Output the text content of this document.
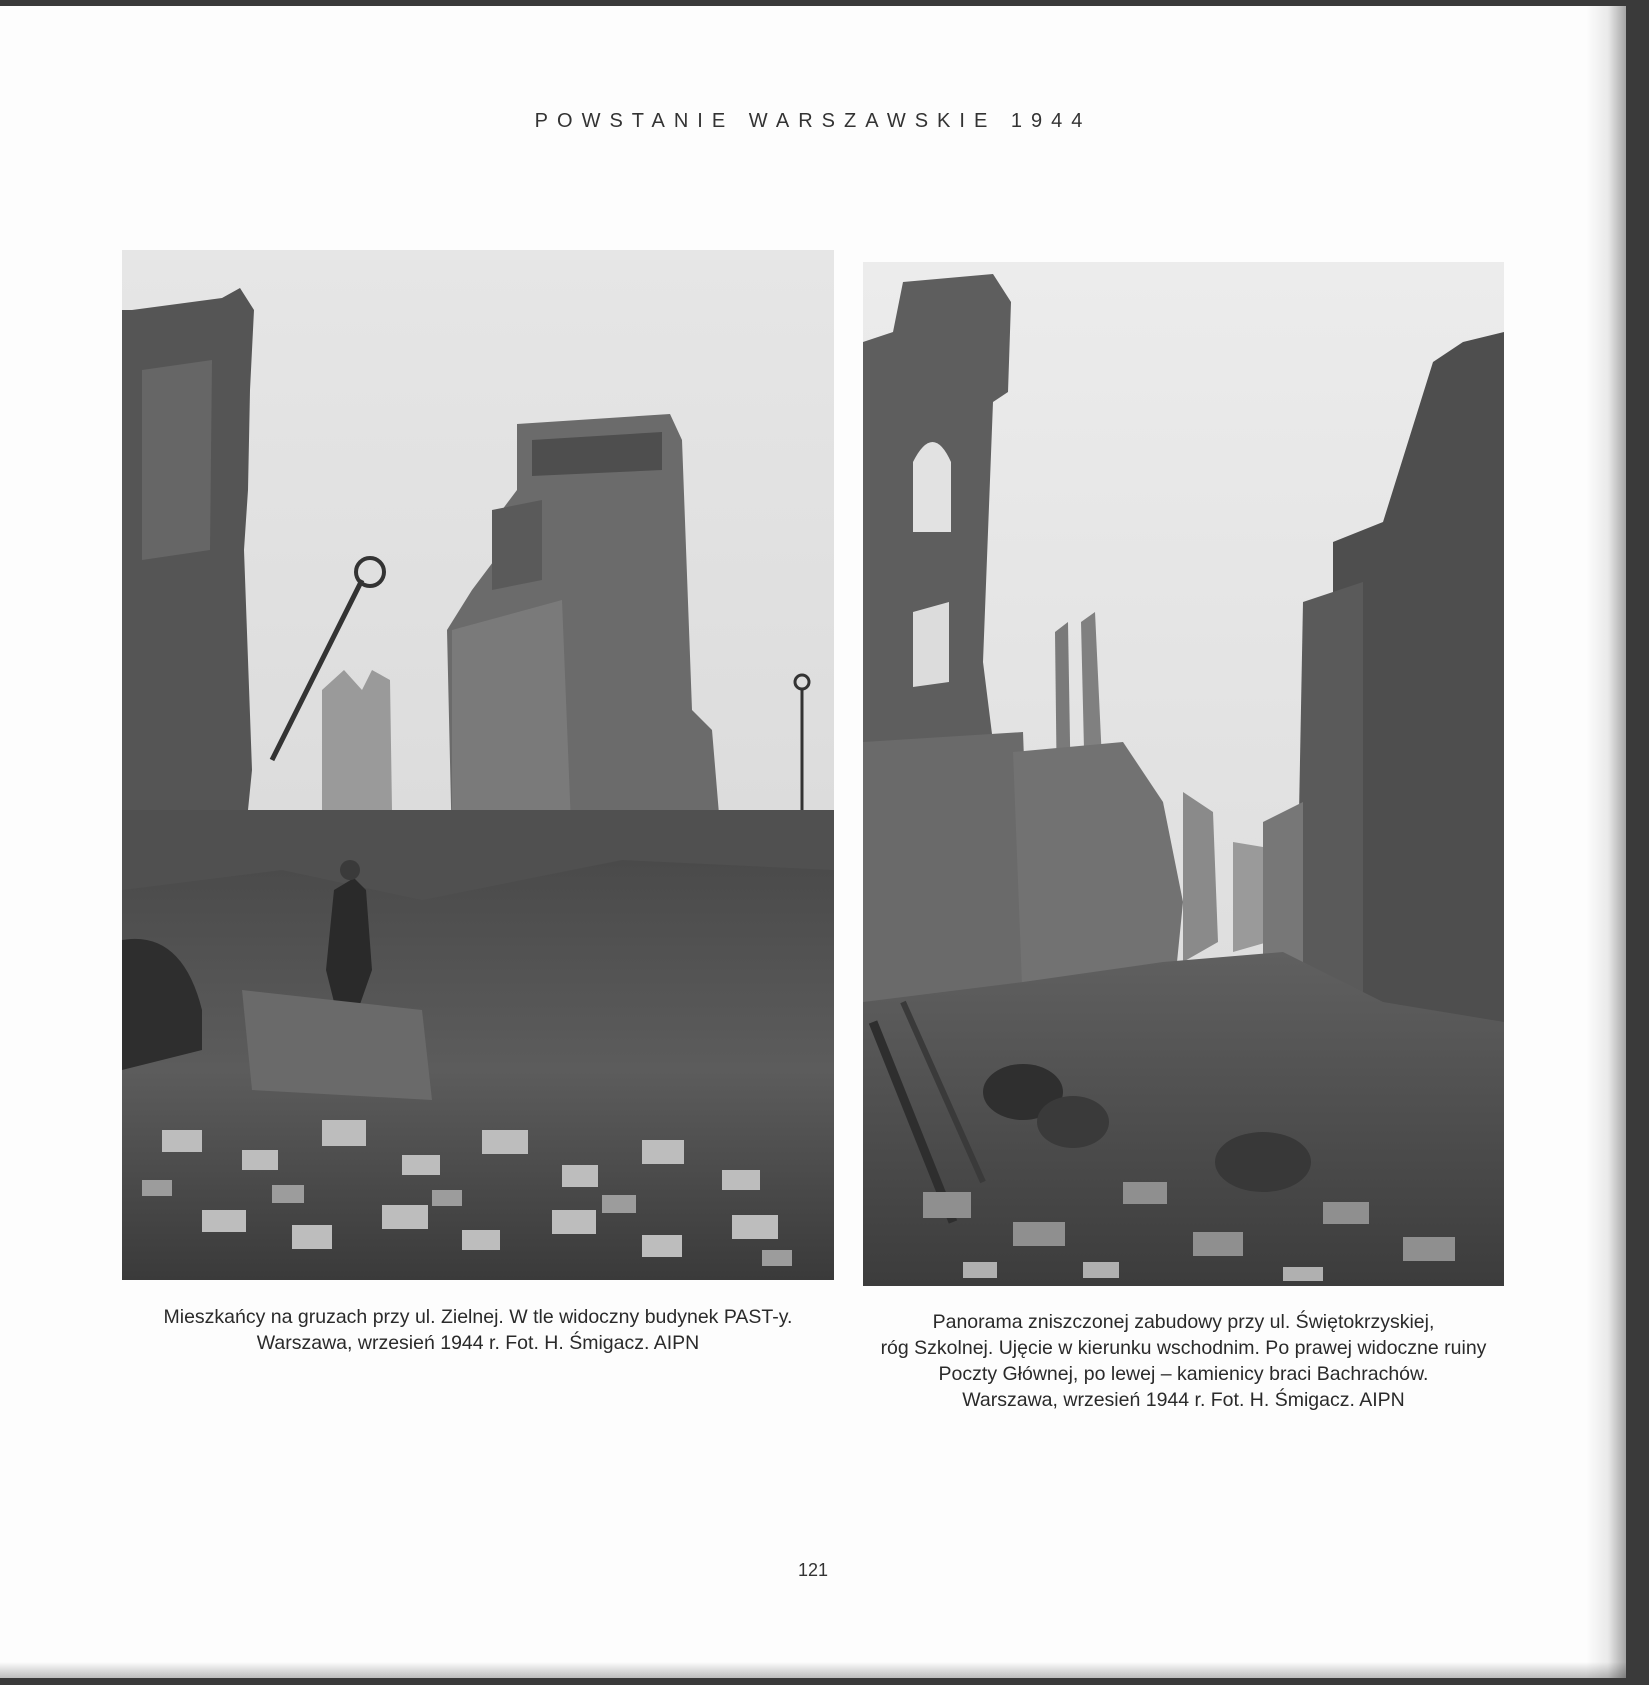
POWSTANIE WARSZAWSKIE 1944
Mieszkańcy na gruzach przy ul. Zielnej. W tle widoczny budynek PAST-y.
Warszawa, wrzesień 1944 r. Fot. H. Śmigacz. AIPN
Panorama zniszczonej zabudowy przy ul. Świętokrzyskiej,
róg Szkolnej. Ujęcie w kierunku wschodnim. Po prawej widoczne ruiny
Poczty Głównej, po lewej – kamienicy braci Bachrachów.
Warszawa, wrzesień 1944 r. Fot. H. Śmigacz. AIPN
121
